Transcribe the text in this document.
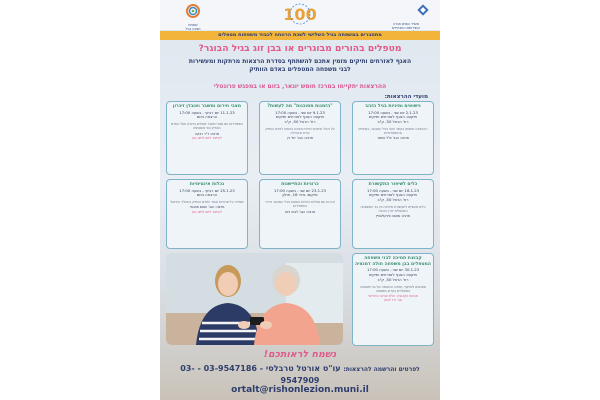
עמותת
תבונה בגיל
100	משרד הפנים חברה
והשירותים החברתיים
מתחברים במשפחה בגיל השלישי לשכת הרווחה לכבוד משפחות מטפלים
מטפלים בהורים מבוגרים או בבן זוג בגיל הבוגר?
האגף לאזרחים ותיקים מזמין אתכם להשתתף בסדרת הרצאות מרתקות ומעשירות
לבני משפחה המטפלים באדם הוותיק
ההרצאות יתקיימו במרכז חומש יונאר, בזום או במפגש פרונטלי
מועדי ההרצאות:
נישואים ומיניות בגיל הזהב
2.1.23 יום שני - בשעה 17:00
מיקום: האגף לאזרחים ותיקים
רח' הרצל 50, ק"ב
ההרצאה תעסוק בקשר הזוגי בגיל המבוגר, בשינויים ובהתמודדויות
מרצה: הגב' ש"ל אופנר
"הזמנות מסוכנות" מה לעשות?
9.1.23 יום שני - בשעה 17:00
מיקום: האגף לאזרחים ותיקים
רח' הרצל 50, ק"ב
על ניהול סיכונים ויצירת סביבה בטוחה לאדם הוותיק בבית ובקהילה
מרצה: הגב' יעל כץ
מצבי חירום ומשבר ואובדן זיכרון
11.1.23 יום רביעי - בשעה 17:00
הרצאה בזום
התמודדות עם מצבי משבר ושינויים בזיכרון אצל האדם הוותיק ובני משפחתו
מרצה: ד"ר רבקה
לקישור לזום לחצו כאן
כלים לשיפור התקשורת
16.1.23 יום שני - בשעה 17:00
מיקום: האגף לאזרחים ותיקים
רח' הרצל 50, ק"ב
כלים מעשיים לתקשורת מיטיבה בין בני המשפחה המטפלים לבין ההורה
מרצה: מאסה פינקלשטיין
כרוניות והתיישנות
23.1.23 יום שני - בשעה 17:00
מיקום: גדוד 16, חולון
הכרות עם מחלות כרוניות נפוצות בגיל המבוגר ודרכי התמודדות
מרצה: הגב' לבנה נינט
נכלות אינטימיות
25.1.23 יום רביעי - בשעה 17:00
הרצאה בזום
שמירה על פרטיות וכבוד האדם הוותיק בתהליך הטיפול
מרצה: הגב' ענאם מבנסר
לקישור לזום לחצו כאן
קבוצת תמיכה לבני משפחה המטפלים בבן משפחה חולה דמנציה
30.1.23 יום שני - בשעה 17:00
מיקום: האגף לאזרחים ותיקים
רח' הרצל 50, ק"ב
מפגשים לשיתוף, תמיכה והעצמה של בני משפחה המטפלים בקרוב משפחה
מנחות הקבוצה: עו"ס אורנה טרבלסי
וגב' ורד לבנון
נשמח לראותכם!
לפרטים והרשמה להרצאות: עו"ס אורטל טרבלסי - 03-9547186 - 03-9547909
ortalt@rishonlezion.muni.il
